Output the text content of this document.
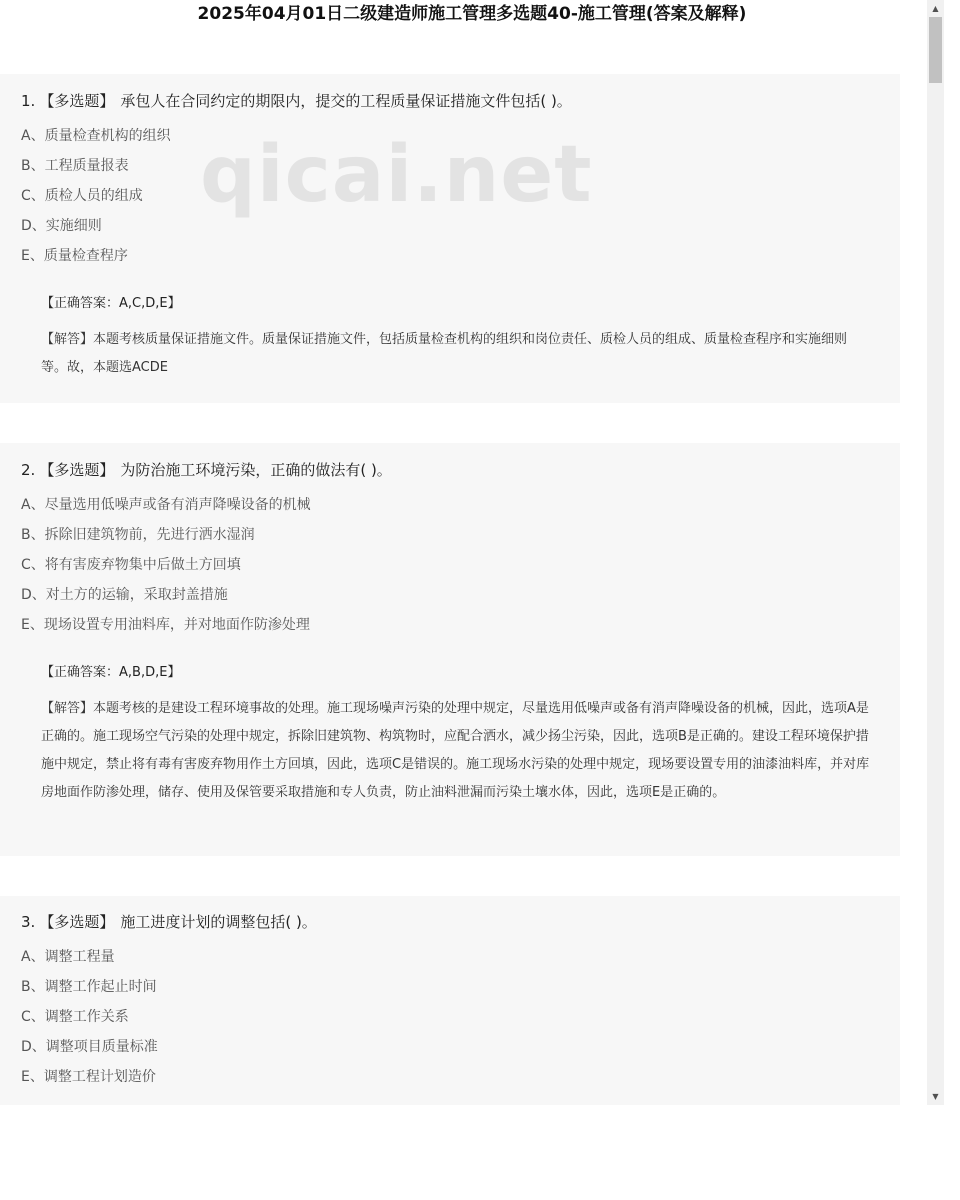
2025年04月01日二级建造师施工管理多选题40-施工管理(答案及解释)
1. 【多选题】 承包人在合同约定的期限内，提交的工程质量保证措施文件包括( )。
A、质量检查机构的组织
B、工程质量报表
C、质检人员的组成
D、实施细则
E、质量检查程序
【正确答案：A,C,D,E】
【解答】本题考核质量保证措施文件。质量保证措施文件，包括质量检查机构的组织和岗位责任、质检人员的组成、质量检查程序和实施细则等。故，本题选ACDE
2. 【多选题】 为防治施工环境污染，正确的做法有( )。
A、尽量选用低噪声或备有消声降噪设备的机械
B、拆除旧建筑物前，先进行洒水湿润
C、将有害废弃物集中后做土方回填
D、对土方的运输，采取封盖措施
E、现场设置专用油料库，并对地面作防渗处理
【正确答案：A,B,D,E】
【解答】本题考核的是建设工程环境事故的处理。施工现场噪声污染的处理中规定，尽量选用低噪声或备有消声降噪设备的机械，因此，选项A是正确的。施工现场空气污染的处理中规定，拆除旧建筑物、构筑物时，应配合洒水，减少扬尘污染，因此，选项B是正确的。建设工程环境保护措施中规定，禁止将有毒有害废弃物用作土方回填，因此，选项C是错误的。施工现场水污染的处理中规定，现场要设置专用的油漆油料库，并对库房地面作防渗处理，储存、使用及保管要采取措施和专人负责，防止油料泄漏而污染土壤水体，因此，选项E是正确的。
3. 【多选题】 施工进度计划的调整包括( )。
A、调整工程量
B、调整工作起止时间
C、调整工作关系
D、调整项目质量标准
E、调整工程计划造价
qicai.net
▲
▼
